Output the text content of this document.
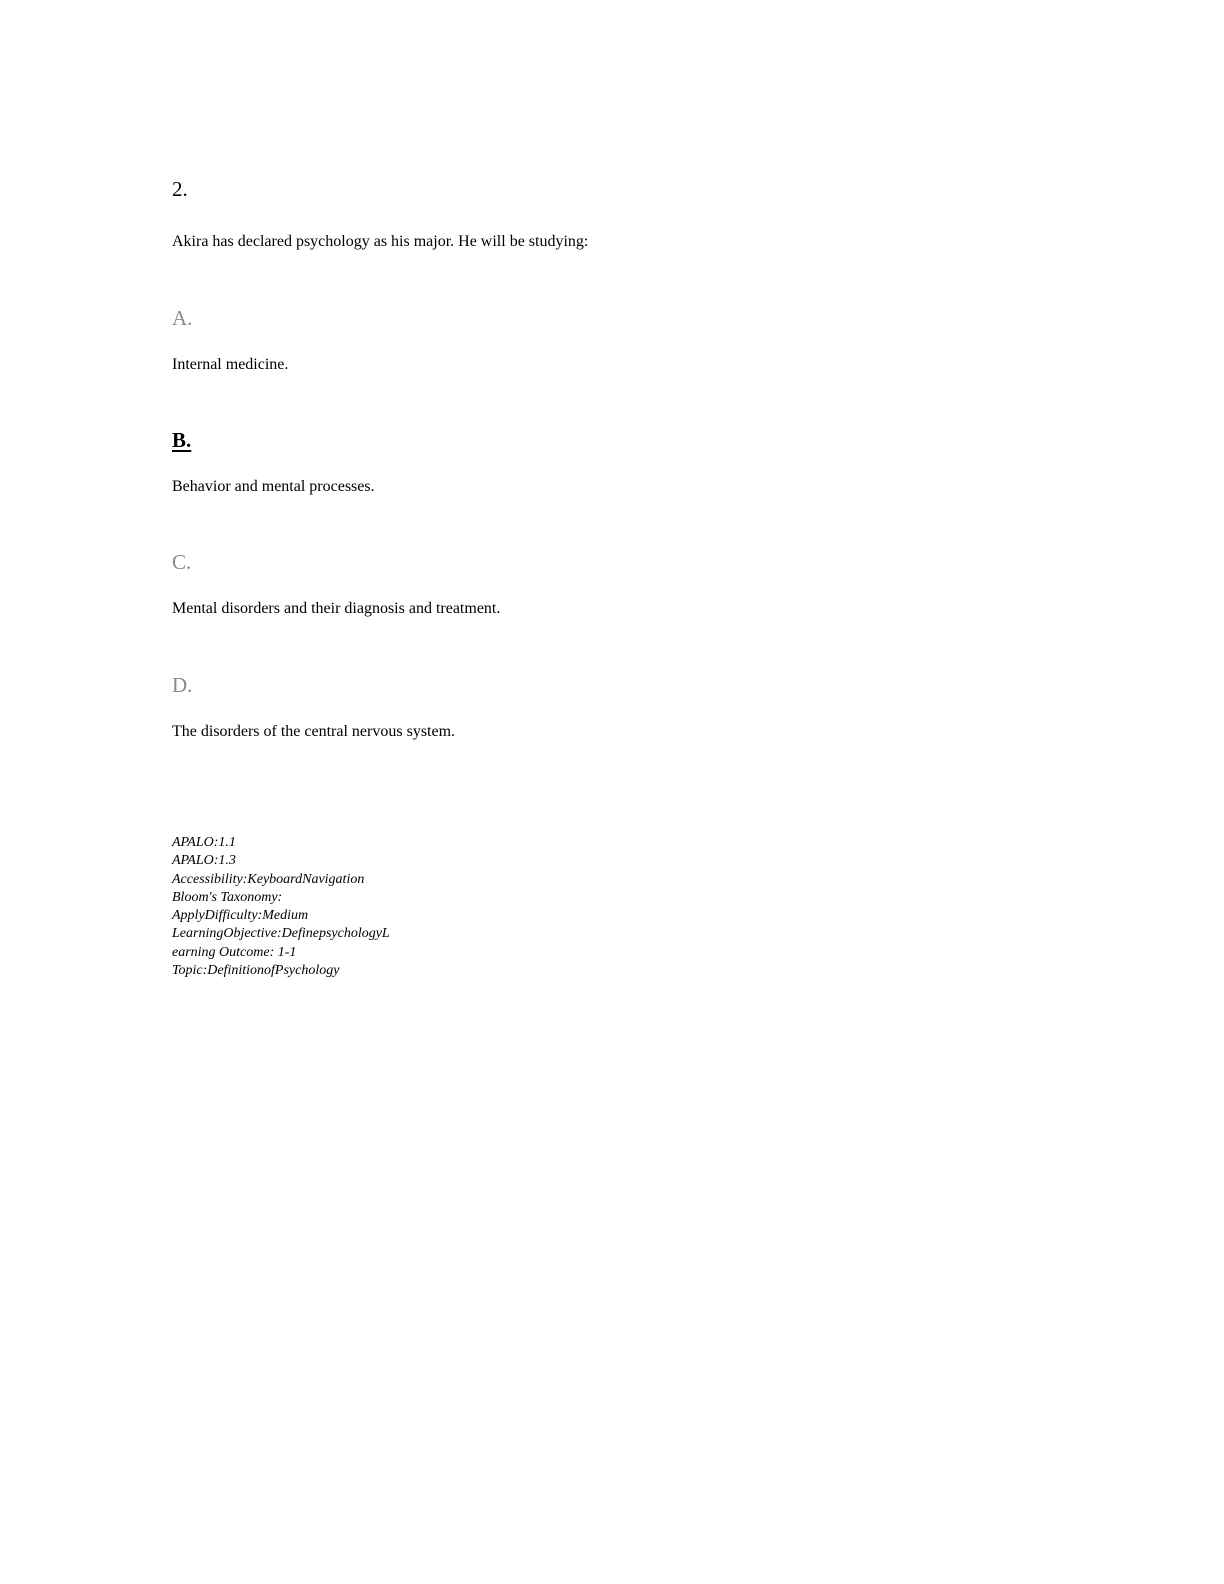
2.
Akira has declared psychology as his major. He will be studying:
A.
Internal medicine.
B.
Behavior and mental processes.
C.
Mental disorders and their diagnosis and treatment.
D.
The disorders of the central nervous system.
APALO:1.1
APALO:1.3
Accessibility:KeyboardNavigation
Bloom's Taxonomy:
ApplyDifficulty:Medium
LearningObjective:DefinepsychologyL
earning Outcome: 1-1
Topic:DefinitionofPsychology
